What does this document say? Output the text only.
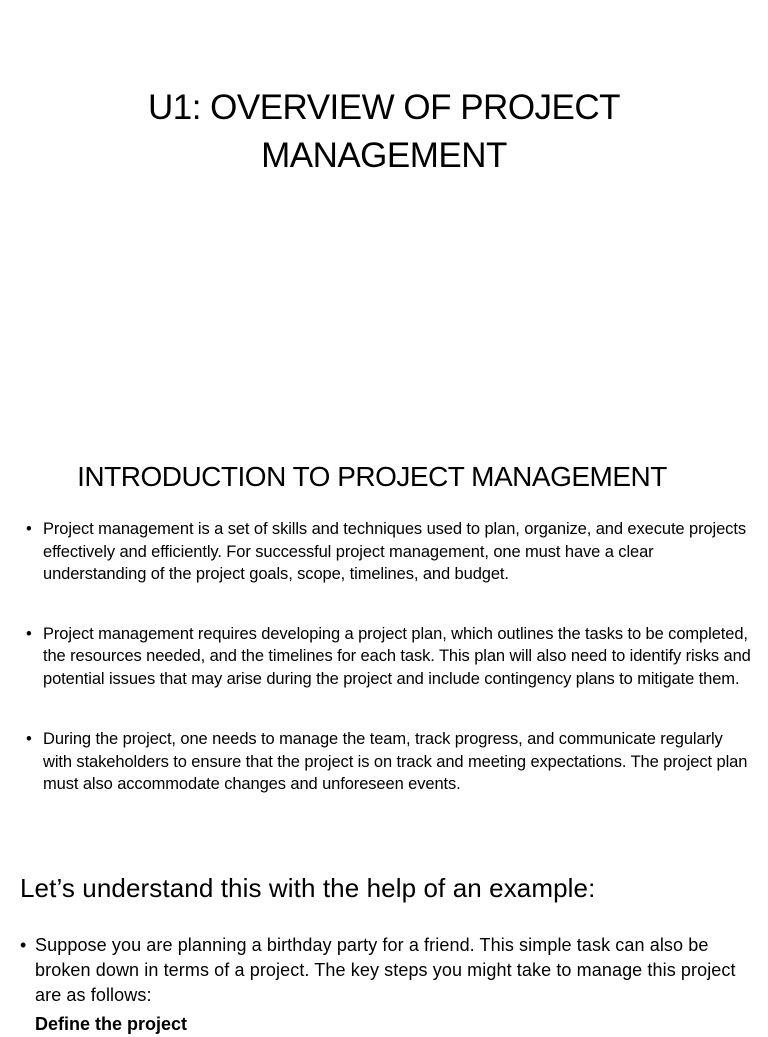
U1: OVERVIEW OF PROJECT
MANAGEMENT
INTRODUCTION TO PROJECT MANAGEMENT
• Project management is a set of skills and techniques used to plan, organize, and execute projects effectively and efficiently. For successful project management, one must have a clear understanding of the project goals, scope, timelines, and budget.
• Project management requires developing a project plan, which outlines the tasks to be completed, the resources needed, and the timelines for each task. This plan will also need to identify risks and potential issues that may arise during the project and include contingency plans to mitigate them.
• During the project, one needs to manage the team, track progress, and communicate regularly with stakeholders to ensure that the project is on track and meeting expectations. The project plan must also accommodate changes and unforeseen events.
Let’s understand this with the help of an example:
• Suppose you are planning a birthday party for a friend. This simple task can also be broken down in terms of a project. The key steps you might take to manage this project are as follows:
Define the project
